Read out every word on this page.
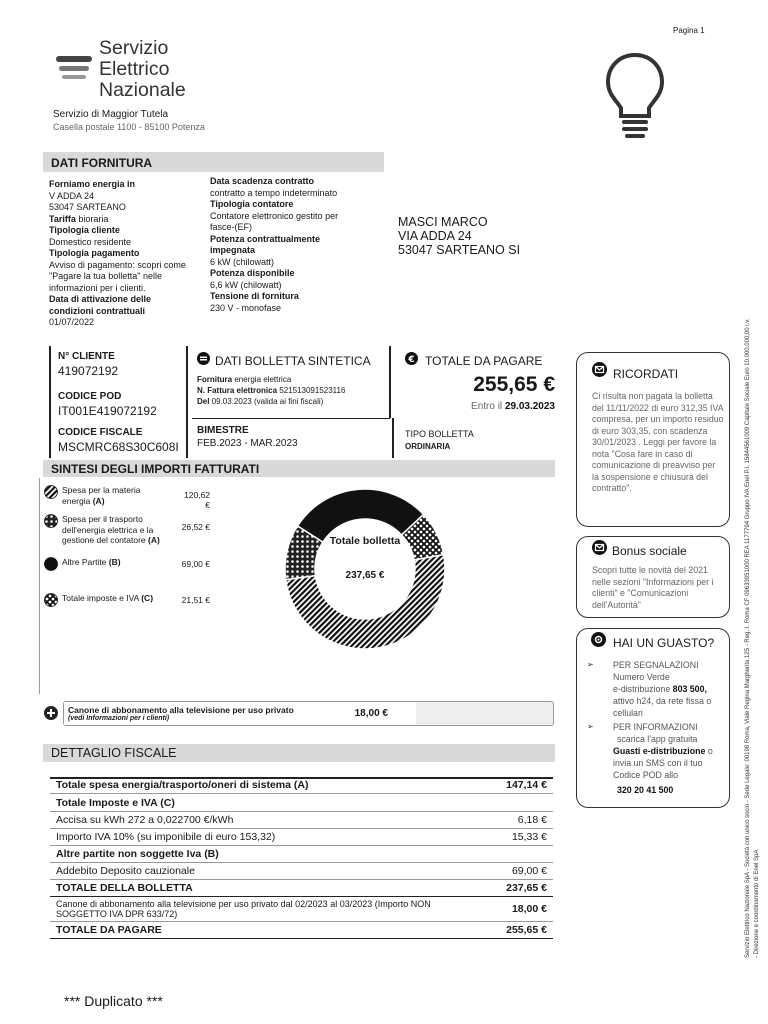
Pagina 1
Servizio
Elettrico
Nazionale
Servizio di Maggior Tutela
Casella postale 1100 - 85100 Potenza
DATI FORNITURA
Forniamo energia in
V ADDA 24
53047 SARTEANO
Tariffa bioraria
Tipologia cliente
Domestico residente
Tipologia pagamento
Avviso di pagamento: scopri come "Pagare la tua bolletta" nelle informazioni per i clienti.
Data di attivazione delle condizioni contrattuali
01/07/2022
Data scadenza contratto
contratto a tempo indeterminato
Tipologia contatore
Contatore elettronico gestito per fasce-(EF)
Potenza contrattualmente impegnata
6 kW (chilowatt)
Potenza disponibile
6,6 kW (chilowatt)
Tensione di fornitura
230 V - monofase
MASCI MARCO
VIA ADDA 24
53047 SARTEANO SI
N° CLIENTE
419072192
CODICE POD
IT001E419072192
CODICE FISCALE
MSCMRC68S30C608I
DATI BOLLETTA SINTETICA
Fornitura energia elettrica
N. Fattura elettronica 521513091523116
Del 09.03.2023 (valida ai fini fiscali)
BIMESTRE
FEB.2023 - MAR.2023
€ TOTALE DA PAGARE
255,65 €
Entro il 29.03.2023
TIPO BOLLETTA
ORDINARIA
RICORDATI
Ci risulta non pagata la bolletta del 11/11/2022 di euro 312,35 IVA compresa, per un importo residuo di euro 303,35, con scadenza 30/01/2023 . Leggi per favore la nota "Cosa fare in caso di comunicazione di preavviso per la sospensione e chiusura del contratto".
Bonus sociale
Scopri tutte le novità del 2021 nelle sezioni "Informazioni per i clienti" e "Comunicazioni dell'Autorità"
HAI UN GUASTO?
➢ PER SEGNALAZIONI
Numero Verde
e-distribuzione 803 500,
attivo h24, da rete fissa o cellulari
➢ PER INFORMAZIONI
scarica l'app gratuita
Guasti e-distribuzione o invia un SMS con il tuo Codice POD allo
320 20 41 500
SINTESI DEGLI IMPORTI FATTURATI
Spesa per la materia energia (A)
120,62 €
Spesa per il trasporto dell'energia elettrica e la gestione del contatore (A)
26,52 €
Altre Partite (B)	69,00 €
Totale imposte e IVA (C)	21,51 €
Totale bolletta
237,65 €
Canone di abbonamento alla televisione per uso privato
(vedi Informazioni per i clienti)	18,00 €
DETTAGLIO FISCALE
Totale spesa energia/trasporto/oneri di sistema (A)	147,14 €
Totale Imposte e IVA (C)
Accisa su kWh 272 a 0,022700 €/kWh	6,18 €
Importo IVA 10% (su imponibile di euro 153,32)	15,33 €
Altre partite non soggette Iva (B)
Addebito Deposito cauzionale	69,00 €
TOTALE DELLA BOLLETTA	237,65 €
Canone di abbonamento alla televisione per uso privato dal 02/2023 al 03/2023 (Importo NON SOGGETTO IVA DPR 633/72)	18,00 €
TOTALE DA PAGARE	255,65 €	Servizio Elettrico Nazionale SpA - Società con unico socio - Sede Legale: 00198 Roma, Viale Regina Margherita 125 - Reg. I. Roma CF 09633951000 REA 1177794 Gruppo IVA Enel P.I. 15844561009 Capitale Sociale Euro 10.000.000,00 i.v. - Direzione e coordinamento di Enel SpA
*** Duplicato ***
